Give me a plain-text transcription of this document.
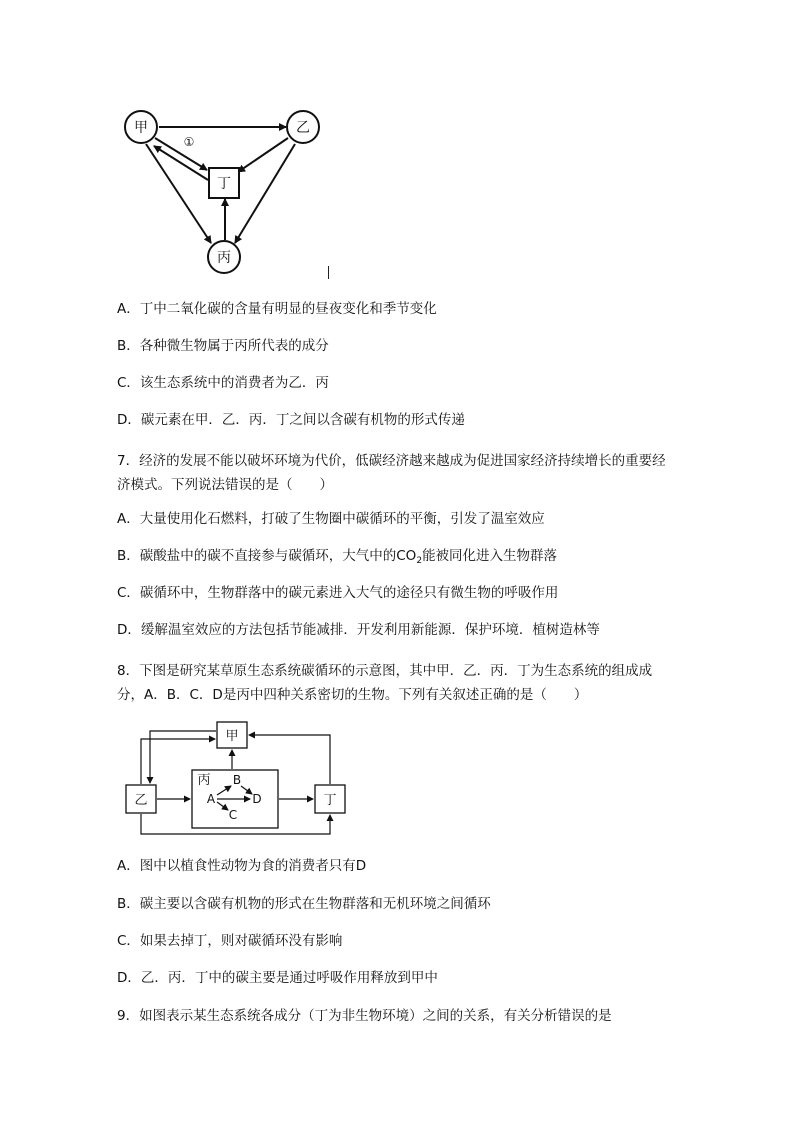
甲	乙
丁
丙
①
A．丁中二氧化碳的含量有明显的昼夜变化和季节变化
B．各种微生物属于丙所代表的成分
C．该生态系统中的消费者为乙．丙
D．碳元素在甲．乙．丙．丁之间以含碳有机物的形式传递
7．经济的发展不能以破坏环境为代价，低碳经济越来越成为促进国家经济持续增长的重要经济模式。下列说法错误的是（　　）
A．大量使用化石燃料，打破了生物圈中碳循环的平衡，引发了温室效应
B．碳酸盐中的碳不直接参与碳循环，大气中的$CO_2$能被同化进入生物群落
C．碳循环中，生物群落中的碳元素进入大气的途径只有微生物的呼吸作用
D．缓解温室效应的方法包括节能减排．开发利用新能源．保护环境．植树造林等
8．下图是研究某草原生态系统碳循环的示意图，其中甲．乙．丙．丁为生态系统的组成成分，A．B．C．D是丙中四种关系密切的生物。下列有关叙述正确的是（　　）
甲
乙
丙
丁
A
B
C
D
A．图中以植食性动物为食的消费者只有D
B．碳主要以含碳有机物的形式在生物群落和无机环境之间循环
C．如果去掉丁，则对碳循环没有影响
D．乙．丙．丁中的碳主要是通过呼吸作用释放到甲中
9．如图表示某生态系统各成分（丁为非生物环境）之间的关系，有关分析错误的是
